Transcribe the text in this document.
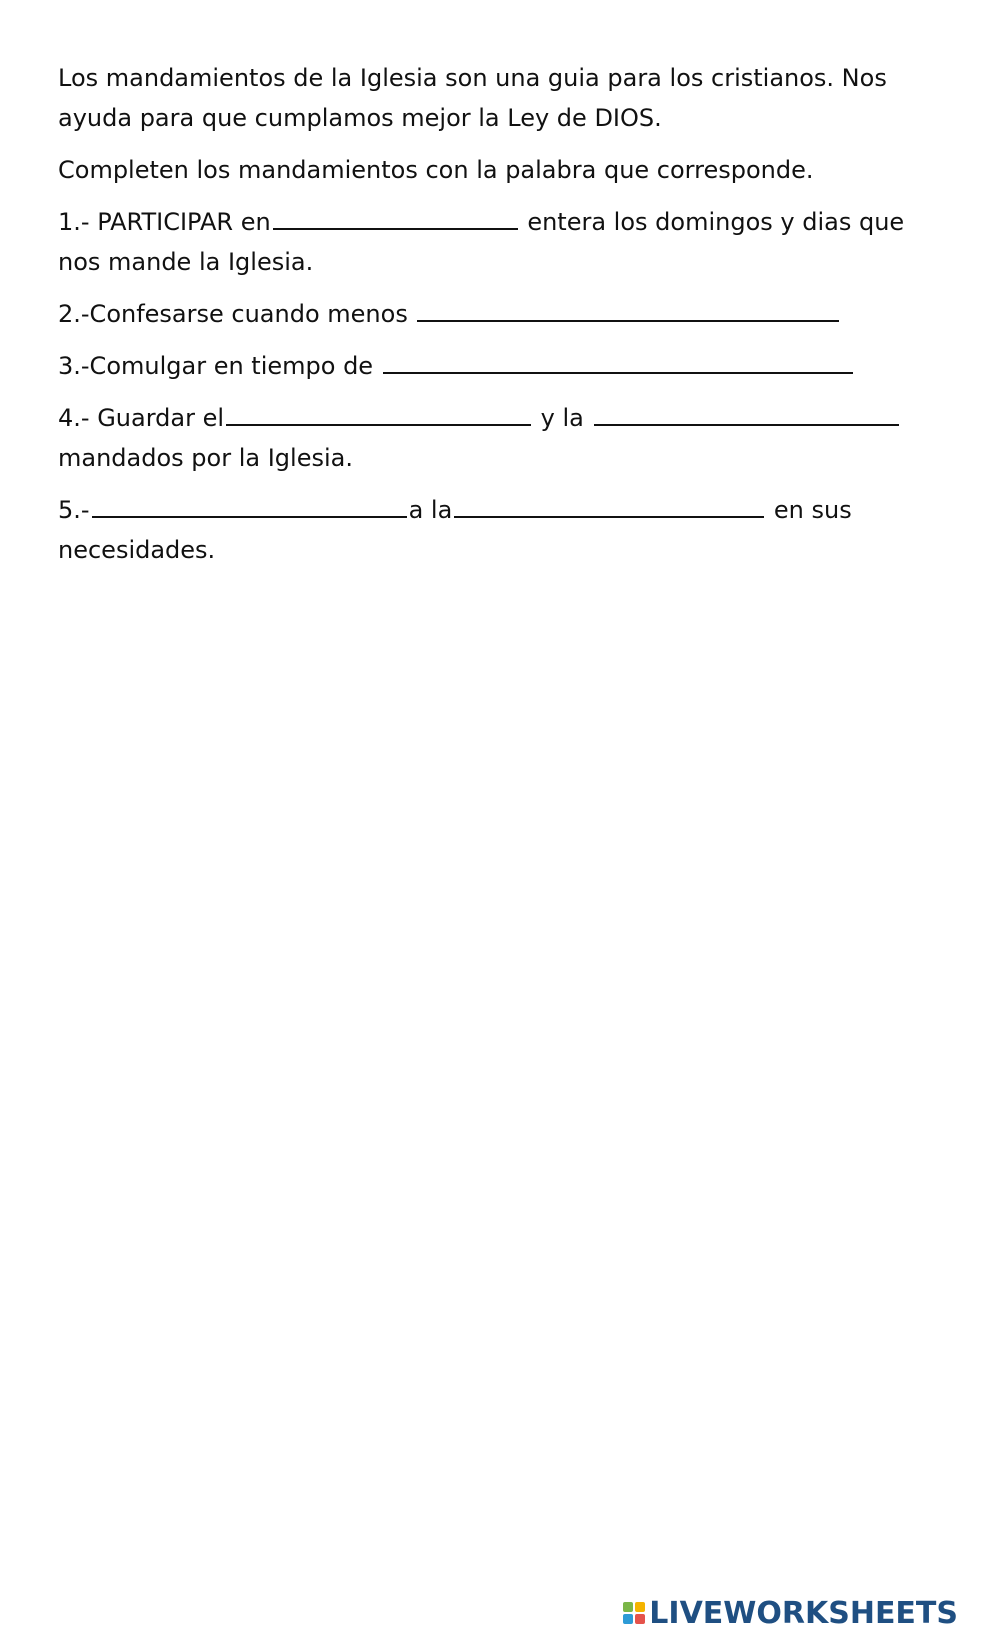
Los mandamientos de la Iglesia son una guia para los cristianos. Nos ayuda para que cumplamos mejor la Ley de DIOS.

Completen los mandamientos con la palabra que corresponde.

1.- PARTICIPAR en	entera los domingos y dias que nos mande la Iglesia.

2.-Confesarse cuando menos

3.-Comulgar en tiempo de

4.- Guardar el	y la  mandados por la Iglesia.

5.-	a la	en sus necesidades.

LIVEWORKSHEETS
